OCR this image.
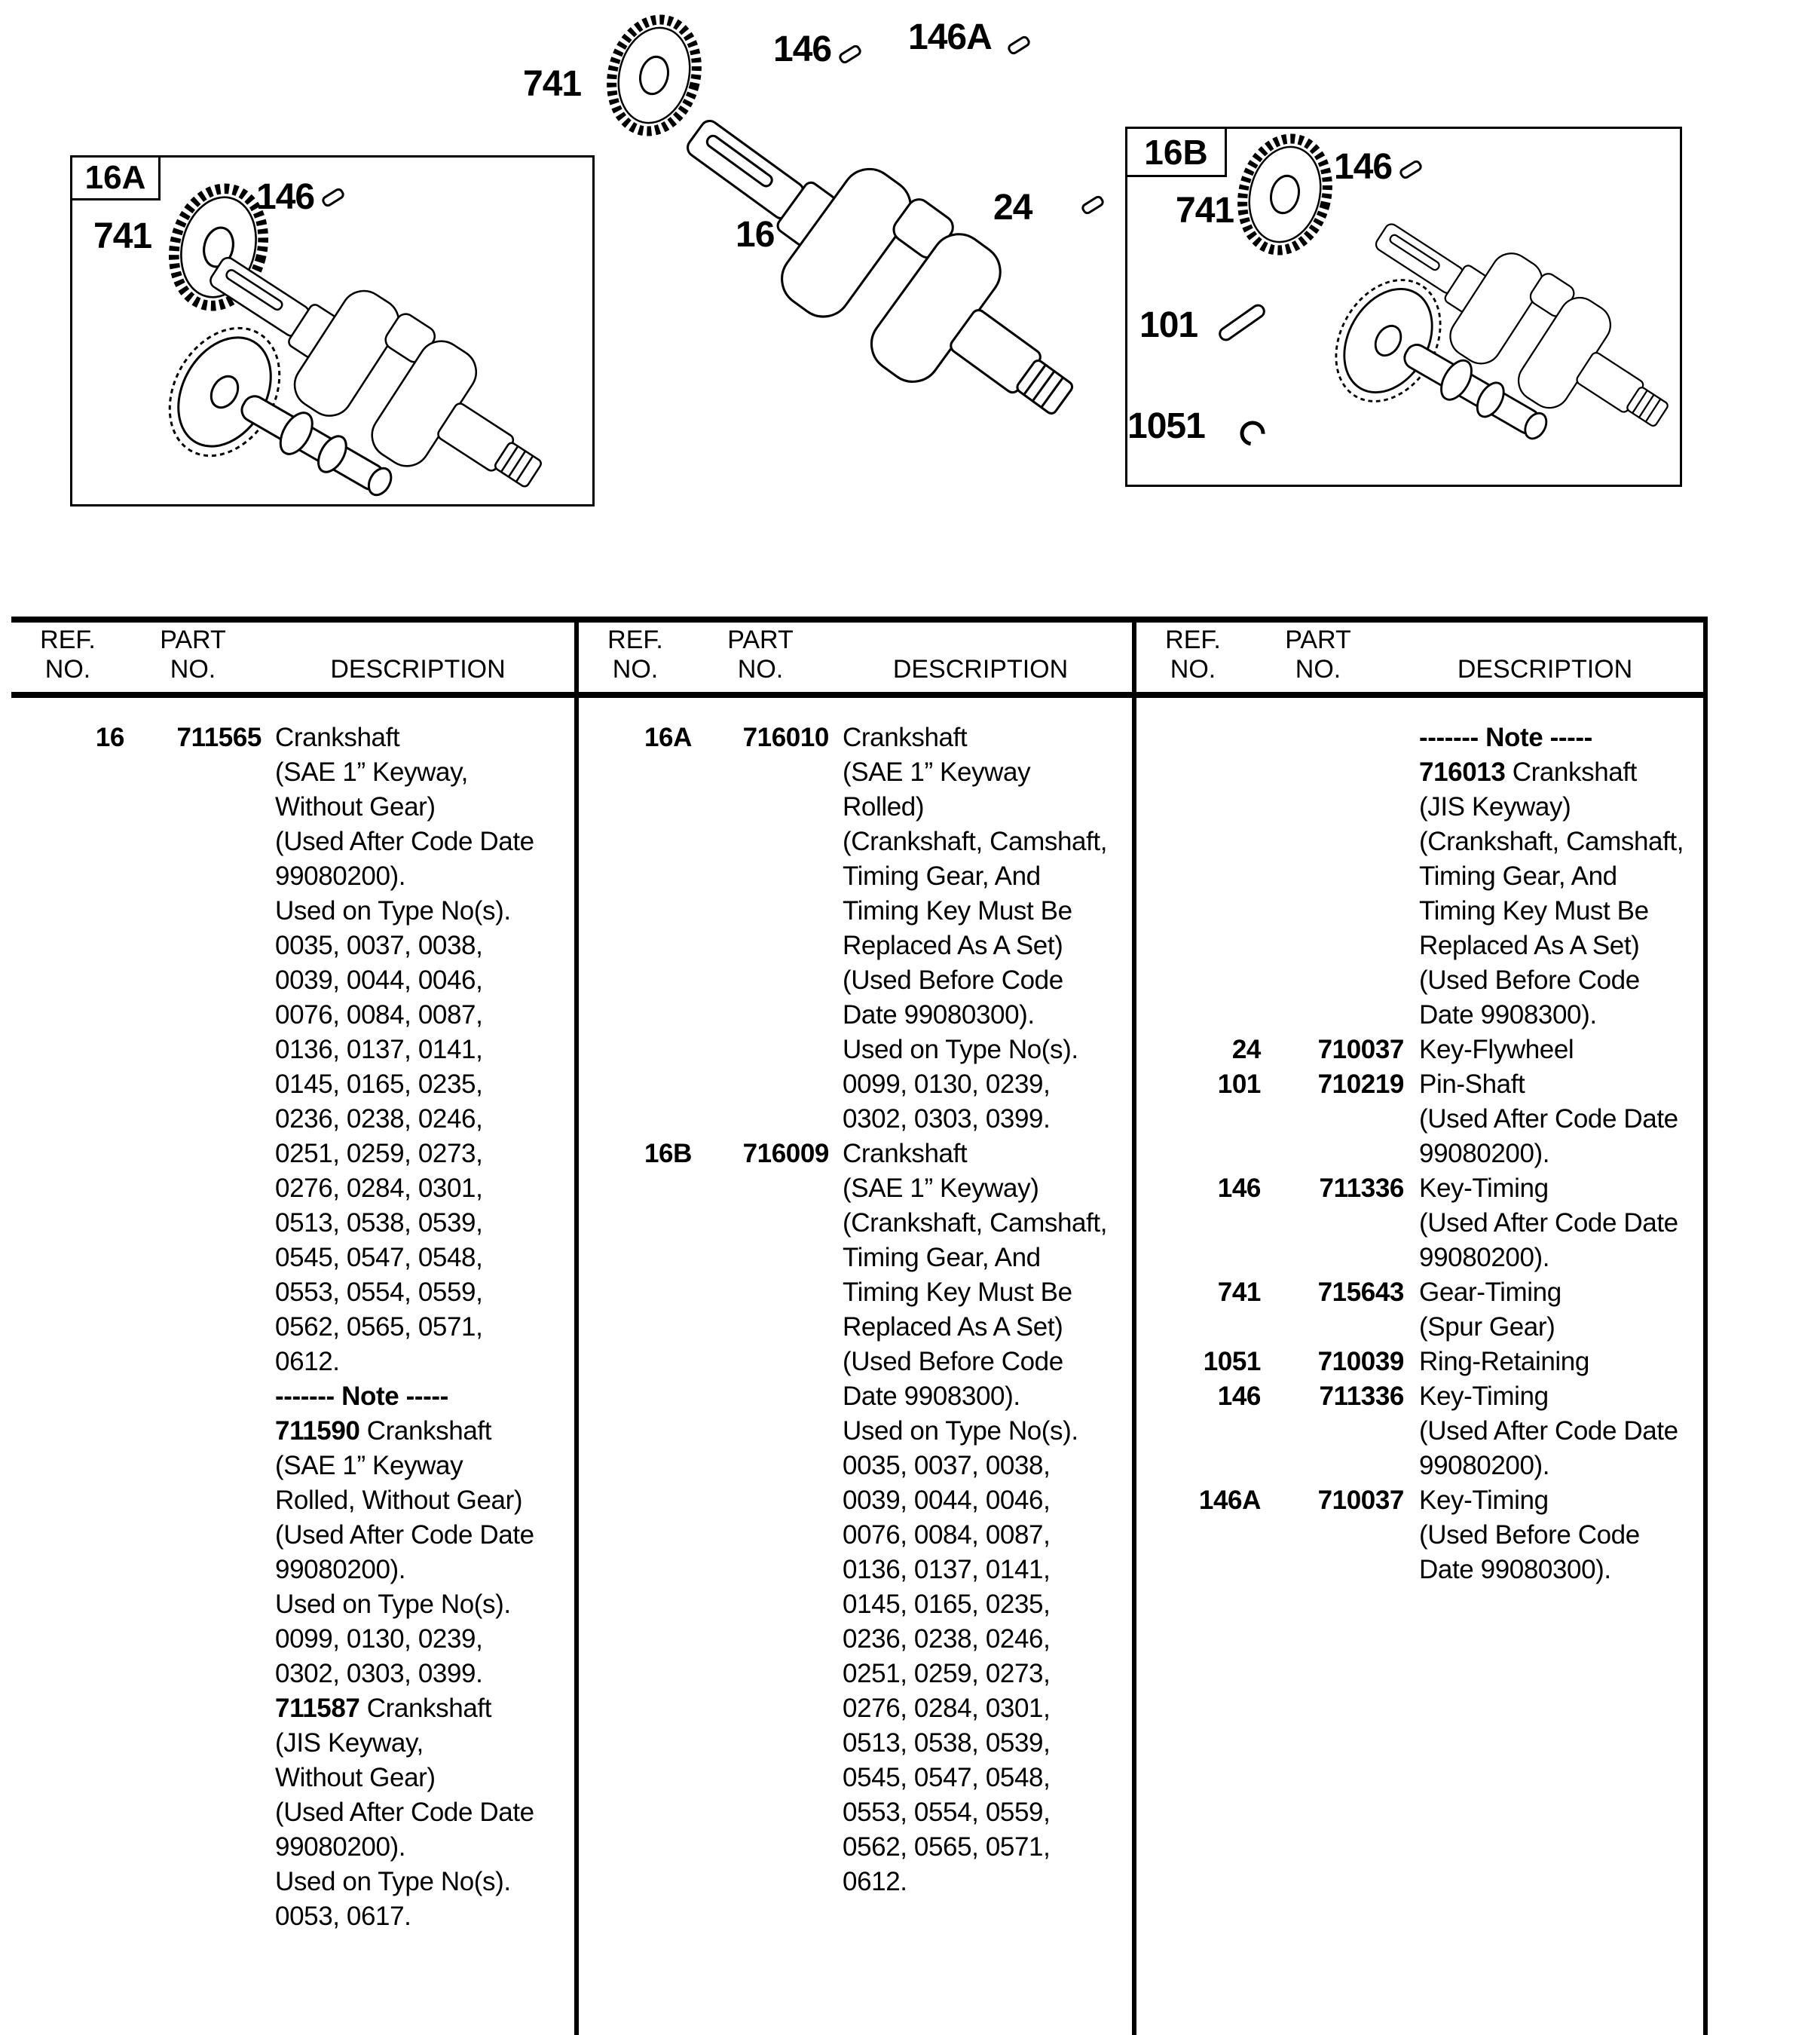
16A
16B
741
146 146A
16
24
741
146	741
146
101
1051
REF.
NO.
PART
NO.	DESCRIPTION
REF.
NO.
PART
NO.	DESCRIPTION
REF.
NO.
PART
NO.	DESCRIPTION
16	711565 Crankshaft
(SAE 1” Keyway,
Without Gear)
(Used After Code Date
99080200).
Used on Type No(s).
0035, 0037, 0038,
0039, 0044, 0046,
0076, 0084, 0087,
0136, 0137, 0141,
0145, 0165, 0235,
0236, 0238, 0246,
0251, 0259, 0273,
0276, 0284, 0301,
0513, 0538, 0539,
0545, 0547, 0548,
0553, 0554, 0559,
0562, 0565, 0571,
0612.
------- Note -----
711590 Crankshaft
(SAE 1” Keyway
Rolled, Without Gear)
(Used After Code Date
99080200).
Used on Type No(s).
0099, 0130, 0239,
0302, 0303, 0399.
711587 Crankshaft
(JIS Keyway,
Without Gear)
(Used After Code Date
99080200).
Used on Type No(s).
0053, 0617.
16A	716010 Crankshaft
(SAE 1” Keyway
Rolled)
(Crankshaft, Camshaft,
Timing Gear, And
Timing Key Must Be
Replaced As A Set)
(Used Before Code
Date 99080300).
Used on Type No(s).
0099, 0130, 0239,
0302, 0303, 0399.
16B	716009 Crankshaft
(SAE 1” Keyway)
(Crankshaft, Camshaft,
Timing Gear, And
Timing Key Must Be
Replaced As A Set)
(Used Before Code
Date 9908300).
Used on Type No(s).
0035, 0037, 0038,
0039, 0044, 0046,
0076, 0084, 0087,
0136, 0137, 0141,
0145, 0165, 0235,
0236, 0238, 0246,
0251, 0259, 0273,
0276, 0284, 0301,
0513, 0538, 0539,
0545, 0547, 0548,
0553, 0554, 0559,
0562, 0565, 0571,
0612.
------- Note -----
716013 Crankshaft
(JIS Keyway)
(Crankshaft, Camshaft,
Timing Gear, And
Timing Key Must Be
Replaced As A Set)
(Used Before Code
Date 9908300).
24	710037 Key-Flywheel
101	710219 Pin-Shaft
(Used After Code Date
99080200).
146	711336 Key-Timing
(Used After Code Date
99080200).
741	715643 Gear-Timing
(Spur Gear)
1051	710039 Ring-Retaining
146	711336 Key-Timing
(Used After Code Date
99080200).
146A	710037 Key-Timing
(Used Before Code
Date 99080300).
